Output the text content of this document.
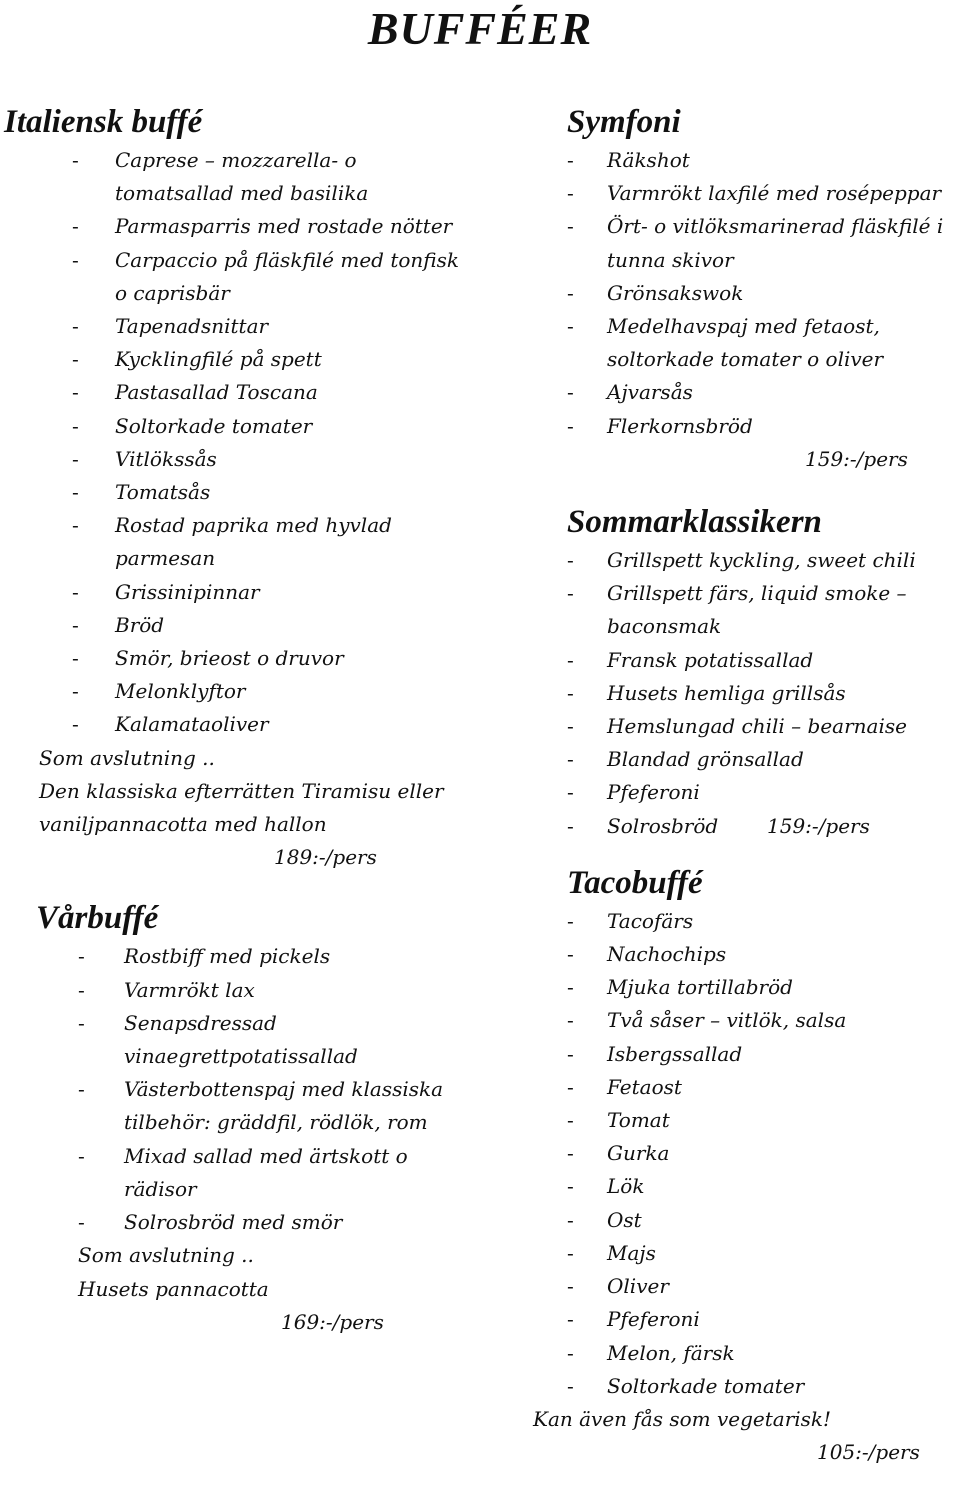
BUFFÉER
Italiensk buffé
- Caprese – mozzarella- o tomatsallad med basilika
- Parmasparris med rostade nötter
- Carpaccio på fläskfilé med tonfisk o caprisbär
- Tapenadsnittar
- Kycklingfilé på spett
- Pastasallad Toscana
- Soltorkade tomater
- Vitlökssås
- Tomatsås
- Rostad paprika med hyvlad parmesan
- Grissinipinnar
- Bröd
- Smör, brieost o druvor
- Melonklyftor
- Kalamataoliver
Som avslutning ..
Den klassiska efterrätten Tiramisu eller vaniljpannacotta med hallon
189:-/pers
Vårbuffé
- Rostbiff med pickels
- Varmrökt lax
- Senapsdressad vinaegrettpotatissallad
- Västerbottenspaj med klassiska tilbehör: gräddfil, rödlök, rom
- Mixad sallad med ärtskott o rädisor
- Solrosbröd med smör
Som avslutning ..
Husets pannacotta
169:-/pers
Symfoni
- Räkshot
- Varmrökt laxfilé med rosépeppar
- Ört- o vitlöksmarinerad fläskfilé i tunna skivor
- Grönsakswok
- Medelhavspaj med fetaost, soltorkade tomater o oliver
- Ajvarsås
- Flerkornsbröd
159:-/pers
Sommarklassikern
- Grillspett kyckling, sweet chili
- Grillspett färs, liquid smoke – baconsmak
- Fransk potatissallad
- Husets hemliga grillsås
- Hemslungad chili – bearnaise
- Blandad grönsallad
- Pfeferoni
- Solrosbröd 159:-/pers
Tacobuffé
- Tacofärs
- Nachochips
- Mjuka tortillabröd
- Två såser – vitlök, salsa
- Isbergssallad
- Fetaost
- Tomat
- Gurka
- Lök
- Ost
- Majs
- Oliver
- Pfeferoni
- Melon, färsk
- Soltorkade tomater
Kan även fås som vegetarisk!
105:-/pers
